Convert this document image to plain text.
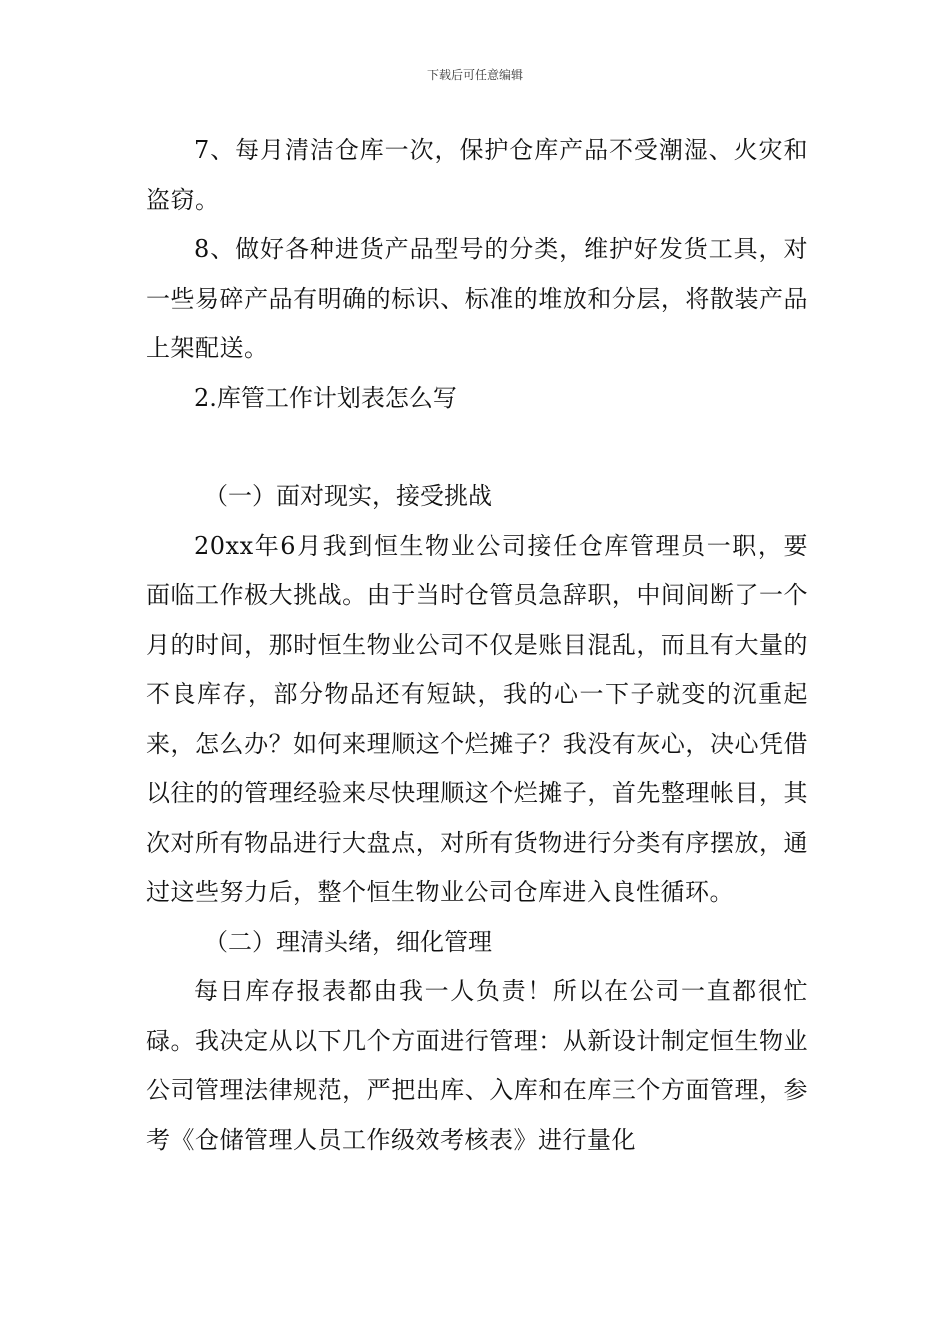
下载后可任意编辑

7、每月清洁仓库一次，保护仓库产品不受潮湿、火灾和盗窃。

8、做好各种进货产品型号的分类，维护好发货工具，对一些易碎产品有明确的标识、标准的堆放和分层，将散装产品上架配送。

2.库管工作计划表怎么写

（一）面对现实，接受挑战

20xx年6月我到恒生物业公司接任仓库管理员一职，要面临工作极大挑战。由于当时仓管员急辞职，中间间断了一个月的时间，那时恒生物业公司不仅是账目混乱，而且有大量的不良库存，部分物品还有短缺，我的心一下子就变的沉重起来，怎么办？如何来理顺这个烂摊子？我没有灰心，决心凭借以往的的管理经验来尽快理顺这个烂摊子，首先整理帐目，其次对所有物品进行大盘点，对所有货物进行分类有序摆放，通过这些努力后，整个恒生物业公司仓库进入良性循环。

（二）理清头绪，细化管理

每日库存报表都由我一人负责！所以在公司一直都很忙碌。我决定从以下几个方面进行管理：从新设计制定恒生物业公司管理法律规范，严把出库、入库和在库三个方面管理，参考《仓储管理人员工作级效考核表》进行量化
